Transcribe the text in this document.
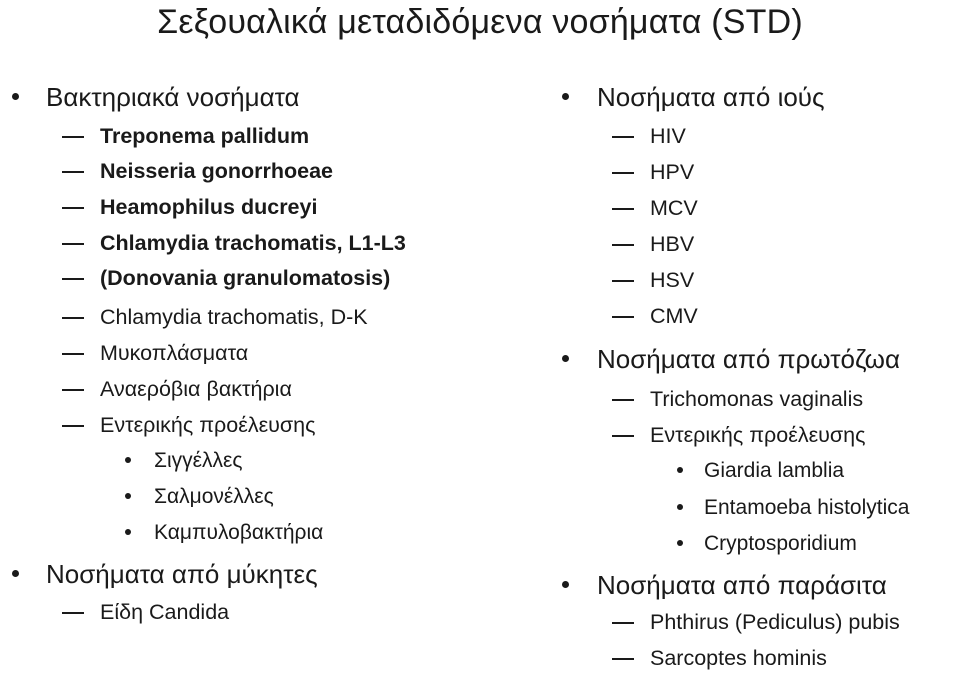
Σεξουαλικά μεταδιδόμενα νοσήματα (STD)
Βακτηριακά νοσήματα
Treponema pallidum
Neisseria gonorrhoeae
Heamophilus ducreyi
Chlamydia trachomatis, L1-L3
(Donovania granulomatosis)
Chlamydia trachomatis, D-K
Μυκοπλάσματα
Αναερόβια βακτήρια
Εντερικής προέλευσης
Σιγγέλλες
Σαλμονέλλες
Καμπυλοβακτήρια
Νοσήματα από μύκητες
Είδη Candida
Νοσήματα από ιούς
HIV
HPV
MCV
HBV
HSV
CMV
Νοσήματα από πρωτόζωα
Trichomonas vaginalis
Εντερικής προέλευσης
Giardia lamblia
Entamoeba histolytica
Cryptosporidium
Νοσήματα από παράσιτα
Phthirus (Pediculus) pubis
Sarcoptes hominis
